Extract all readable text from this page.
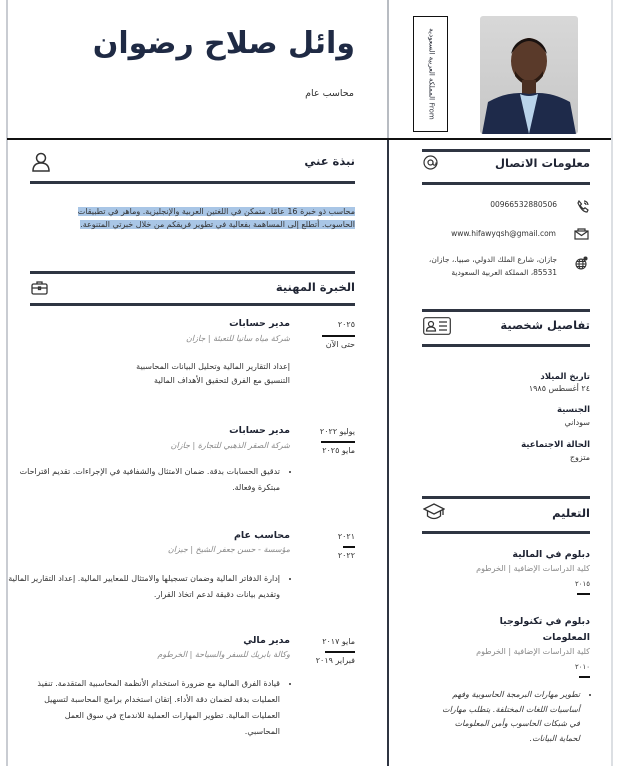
وائل صلاح رضوان
محاسب عام	From المملكة العربية السعودية
نبذة عني
محاسب ذو خبرة 16 عامًا. متمكن في اللغتين العربية والإنجليزية. وماهر في تطبيقات الحاسوب. أتطلع إلى المساهمة بفعالية في تطوير فريقكم من خلال خبرتي المتنوعة.
الخبرة المهنية
٢٠٢٥
حتى الآن
مدير حسابات
شركة مياه سانيا للتعبئة | جازان
إعداد التقارير المالية وتحليل البيانات المحاسبية
التنسيق مع الفرق لتحقيق الأهداف المالية
يوليو ٢٠٢٢
مايو ٢٠٢٥
مدير حسابات
شركة الصقر الذهبي للتجارة | جازان
• تدقيق الحسابات بدقة. ضمان الامتثال والشفافية في الإجراءات. تقديم اقتراحات مبتكرة وفعالة.
٢٠٢١
٢٠٢٢
محاسب عام
مؤسسة - حسن جعفر الشيخ | جيزان
• إدارة الدفاتر المالية وضمان تسجيلها والامتثال للمعايير المالية. إعداد التقارير المالية وتقديم بيانات دقيقة لدعم اتخاذ القرار.
مايو ٢٠١٧
فبراير ٢٠١٩
مدير مالي
وكالة بابريك للسفر والسياحة | الخرطوم
• قيادة الفرق المالية مع ضرورة استخدام الأنظمة المحاسبية المتقدمة. تنفيذ العمليات بدقة لضمان دقة الأداء. إتقان استخدام برامج المحاسبة لتسهيل العمليات المالية. تطوير المهارات العملية للاندماج في سوق العمل المحاسبي.
معلومات الاتصال
00966532880506
www.hifawyqsh@gmail.com
جازان، شارع الملك الدولي، صبيا.، جازان، 85531، المملكة العربية السعودية
تفاصيل شخصية
تاريخ الميلاد
٢٤ أغسطس ١٩٨٥
الجنسية
سوداني
الحالة الاجتماعية
متزوج
التعليم
دبلوم في المالية
كلية الدراسات الإضافية | الخرطوم
٢٠١٥
دبلوم في تكنولوجيا المعلومات
كلية الدراسات الإضافية | الخرطوم
٢٠١٠
• تطوير مهارات البرمجة الحاسوبية وفهم أساسيات اللغات المختلفة. يتطلب مهارات في شبكات الحاسوب وأمن المعلومات لحماية البيانات.
